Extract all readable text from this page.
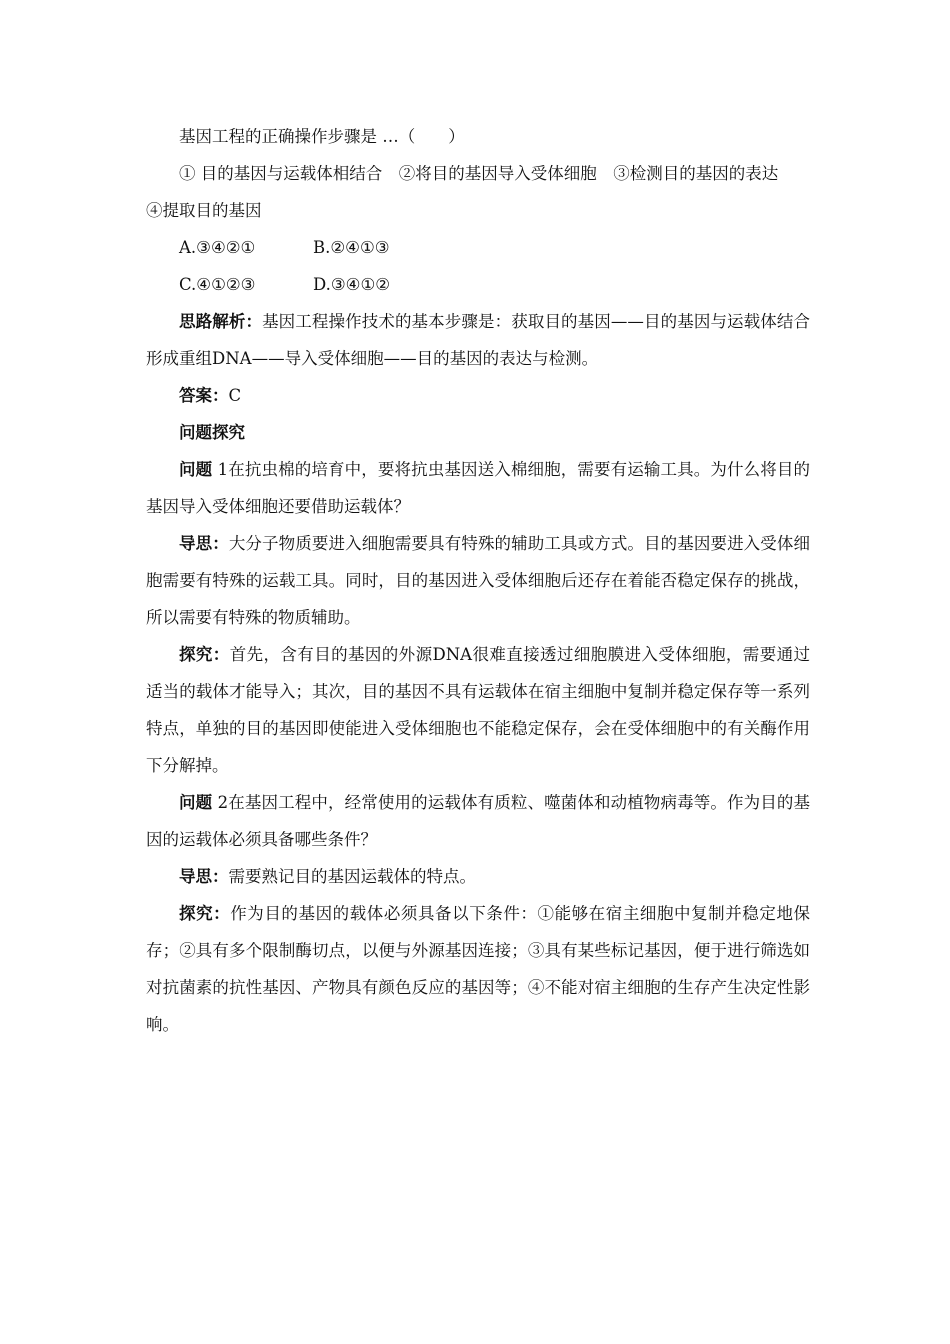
基因工程的正确操作步骤是 …（　　）

① 目的基因与运载体相结合　②将目的基因导入受体细胞　③检测目的基因的表达

④提取目的基因

A.③④②①	B.②④①③
C.④①②③	D.③④①②

思路解析：基因工程操作技术的基本步骤是：获取目的基因——目的基因与运载体结合形成重组DNA——导入受体细胞——目的基因的表达与检测。

答案：C

问题探究

问题 1在抗虫棉的培育中，要将抗虫基因送入棉细胞，需要有运输工具。为什么将目的基因导入受体细胞还要借助运载体？

导思：大分子物质要进入细胞需要具有特殊的辅助工具或方式。目的基因要进入受体细胞需要有特殊的运载工具。同时，目的基因进入受体细胞后还存在着能否稳定保存的挑战，所以需要有特殊的物质辅助。

探究：首先，含有目的基因的外源DNA很难直接透过细胞膜进入受体细胞，需要通过适当的载体才能导入；其次，目的基因不具有运载体在宿主细胞中复制并稳定保存等一系列特点，单独的目的基因即使能进入受体细胞也不能稳定保存，会在受体细胞中的有关酶作用下分解掉。

问题 2在基因工程中，经常使用的运载体有质粒、噬菌体和动植物病毒等。作为目的基因的运载体必须具备哪些条件？

导思：需要熟记目的基因运载体的特点。

探究：作为目的基因的载体必须具备以下条件：①能够在宿主细胞中复制并稳定地保存；②具有多个限制酶切点，以便与外源基因连接；③具有某些标记基因，便于进行筛选如对抗菌素的抗性基因、产物具有颜色反应的基因等；④不能对宿主细胞的生存产生决定性影响。
